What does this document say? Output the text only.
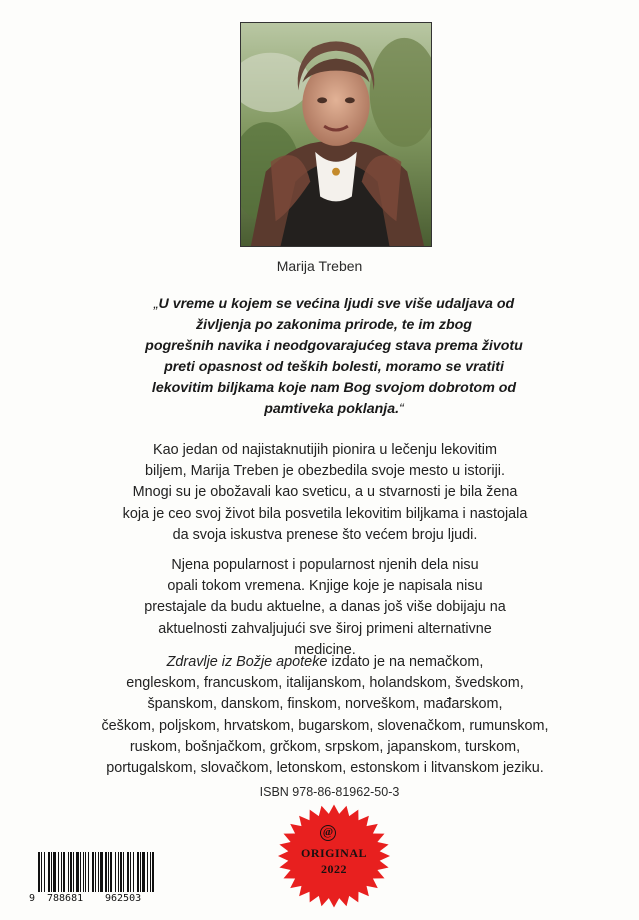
Marija Treben
„U vreme u kojem se većina ljudi sve više udaljava od
življenja po zakonima prirode, te im zbog
pogrešnih navika i neodgovarajućeg stava prema životu
preti opasnost od teških bolesti, moramo se vratiti
lekovitim biljkama koje nam Bog svojom dobrotom od
pamtiveka poklanja.“
Kao jedan od najistaknutijih pionira u lečenju lekovitim
biljem, Marija Treben je obezbedila svoje mesto u istoriji.
Mnogi su je obožavali kao sveticu, a u stvarnosti je bila žena
koja je ceo svoj život bila posvetila lekovitim biljkama i nastojala
da svoja iskustva prenese što većem broju ljudi.
Njena popularnost i popularnost njenih dela nisu
opali tokom vremena. Knjige koje je napisala nisu
prestajale da budu aktuelne, a danas još više dobijaju na
aktuelnosti zahvaljujući sve široj primeni alternativne
medicine.
Zdravlje iz Božje apoteke izdato je na nemačkom,
engleskom, francuskom, italijanskom, holandskom, švedskom,
španskom, danskom, finskom, norveškom, mađarskom,
češkom, poljskom, hrvatskom, bugarskom, slovenačkom, rumunskom,
ruskom, bošnjačkom, grčkom, srpskom, japanskom, turskom,
portugalskom, slovačkom, letonskom, estonskom i litvanskom jeziku.
ISBN 978-86-81962-50-3
9 788681 962503
@
ORIGINAL
2022
